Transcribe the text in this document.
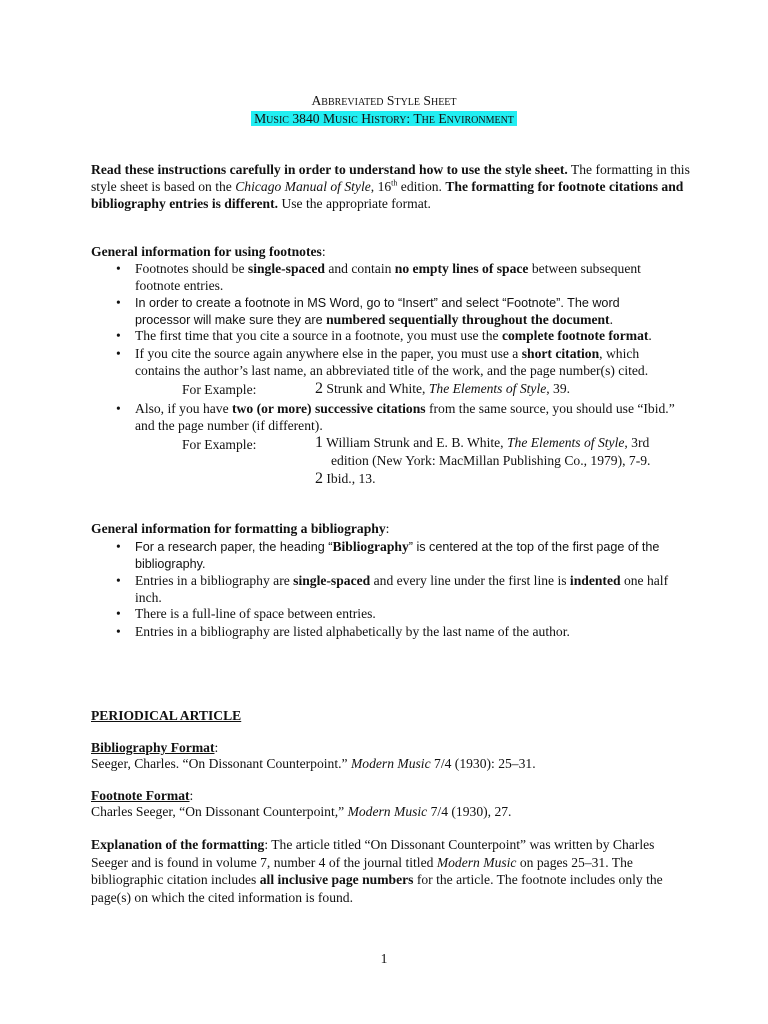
Abbreviated Style Sheet
Music 3840 Music History: The Environment
Read these instructions carefully in order to understand how to use the style sheet. The formatting in this style sheet is based on the Chicago Manual of Style, 16th edition. The formatting for footnote citations and bibliography entries is different. Use the appropriate format.
General information for using footnotes:
•	Footnotes should be single-spaced and contain no empty lines of space between subsequent footnote entries.
•	In order to create a footnote in MS Word, go to “Insert” and select “Footnote”. The word processor will make sure they are numbered sequentially throughout the document.
•	The first time that you cite a source in a footnote, you must use the complete footnote format.
•	If you cite the source again anywhere else in the paper, you must use a short citation, which contains the author’s last name, an abbreviated title of the work, and the page number(s) cited.
For Example:	2 Strunk and White, The Elements of Style, 39.
•	Also, if you have two (or more) successive citations from the same source, you should use “Ibid.” and the page number (if different).
For Example:	1 William Strunk and E. B. White, The Elements of Style, 3rd
edition (New York: MacMillan Publishing Co., 1979), 7-9.
2 Ibid., 13.
General information for formatting a bibliography:
•	For a research paper, the heading “Bibliography” is centered at the top of the first page of the bibliography.
•	Entries in a bibliography are single-spaced and every line under the first line is indented one half inch.
•	There is a full-line of space between entries.
•	Entries in a bibliography are listed alphabetically by the last name of the author.
PERIODICAL ARTICLE
Bibliography Format:
Seeger, Charles. “On Dissonant Counterpoint.” Modern Music 7/4 (1930): 25–31.
Footnote Format:
Charles Seeger, “On Dissonant Counterpoint,” Modern Music 7/4 (1930), 27.
Explanation of the formatting: The article titled “On Dissonant Counterpoint” was written by Charles Seeger and is found in volume 7, number 4 of the journal titled Modern Music on pages 25–31. The bibliographic citation includes all inclusive page numbers for the article. The footnote includes only the page(s) on which the cited information is found.
1
